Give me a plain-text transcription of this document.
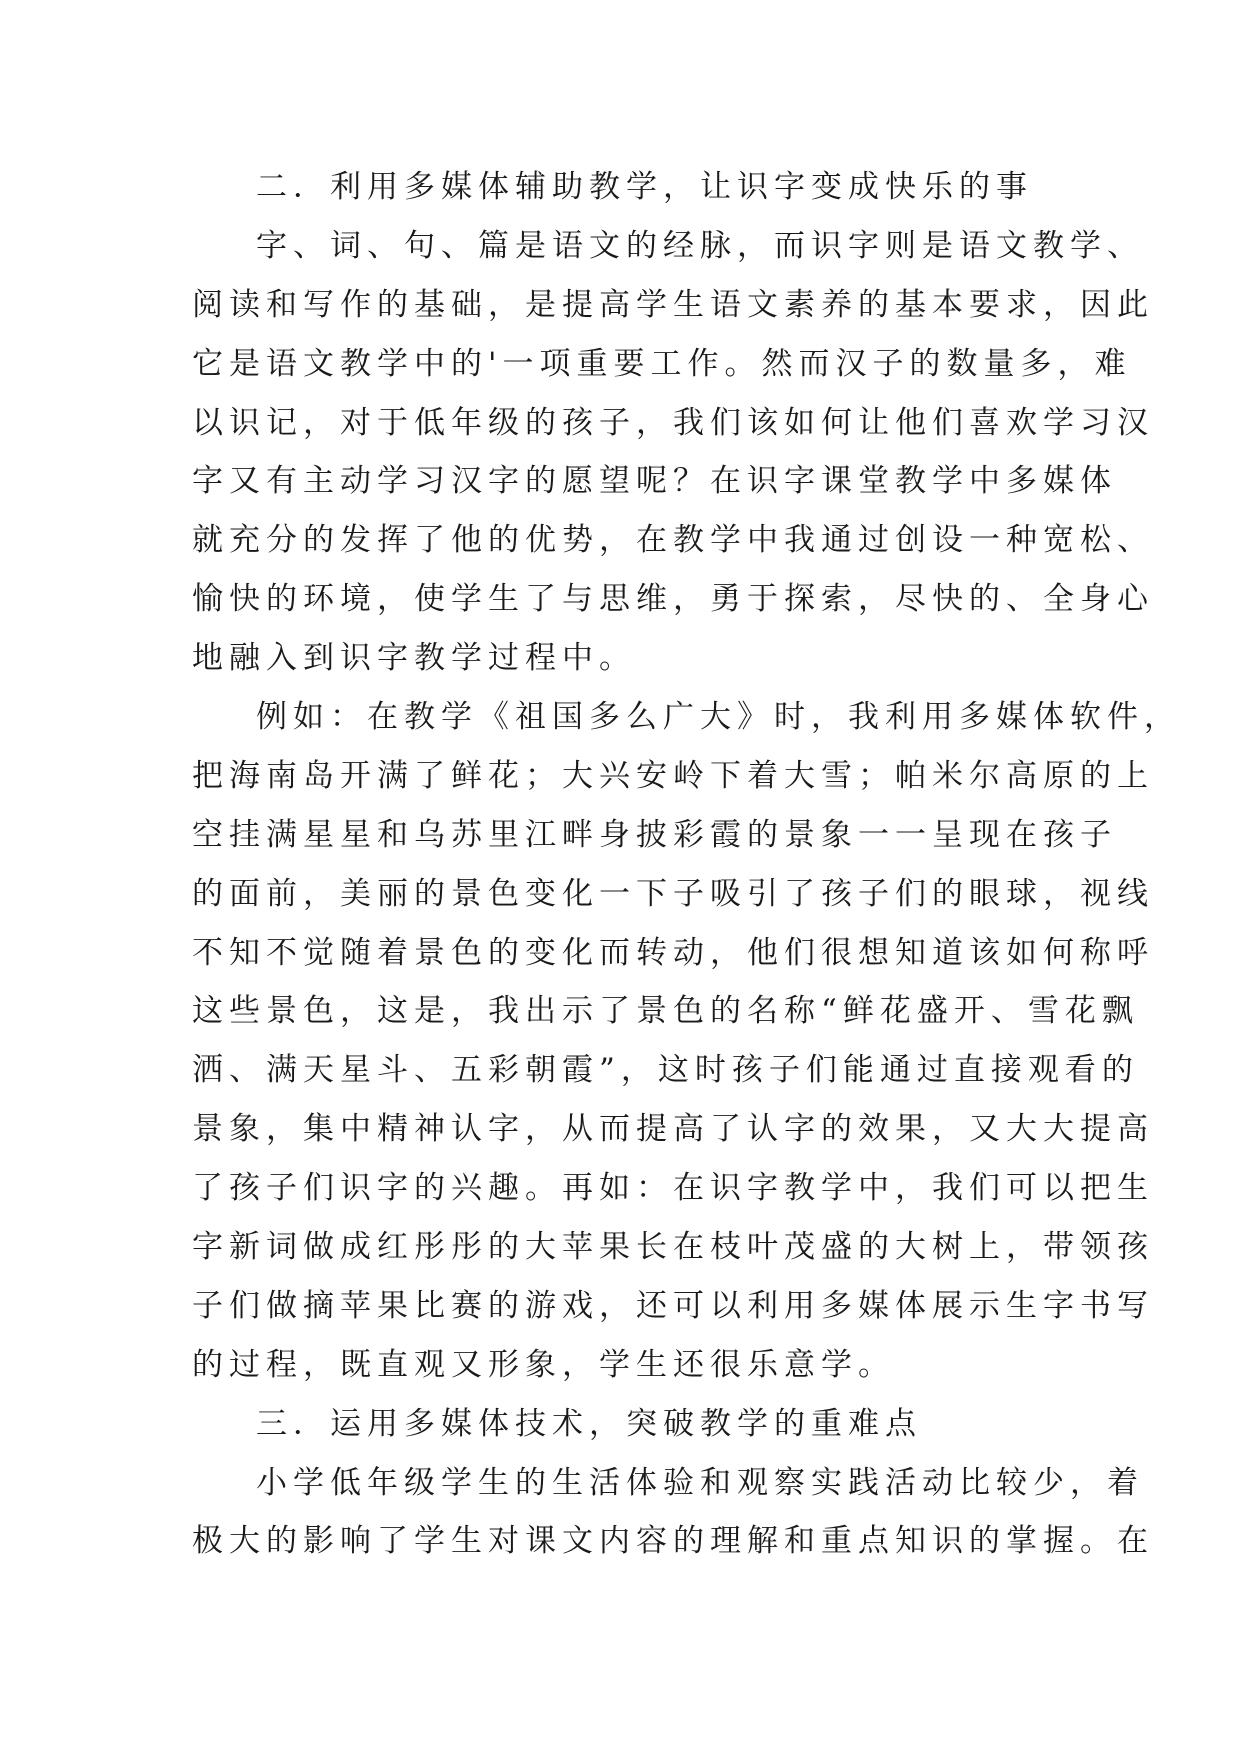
二．利用多媒体辅助教学，让识字变成快乐的事
字、词、句、篇是语文的经脉，而识字则是语文教学、
阅读和写作的基础，是提高学生语文素养的基本要求，因此
它是语文教学中的'一项重要工作。然而汉子的数量多，难
以识记，对于低年级的孩子，我们该如何让他们喜欢学习汉
字又有主动学习汉字的愿望呢？在识字课堂教学中多媒体
就充分的发挥了他的优势，在教学中我通过创设一种宽松、
愉快的环境，使学生了与思维，勇于探索，尽快的、全身心
地融入到识字教学过程中。
例如：在教学《祖国多么广大》时，我利用多媒体软件，
把海南岛开满了鲜花；大兴安岭下着大雪；帕米尔高原的上
空挂满星星和乌苏里江畔身披彩霞的景象一一呈现在孩子
的面前，美丽的景色变化一下子吸引了孩子们的眼球，视线
不知不觉随着景色的变化而转动，他们很想知道该如何称呼
这些景色，这是，我出示了景色的名称“鲜花盛开、雪花飘
洒、满天星斗、五彩朝霞”，这时孩子们能通过直接观看的
景象，集中精神认字，从而提高了认字的效果，又大大提高
了孩子们识字的兴趣。再如：在识字教学中，我们可以把生
字新词做成红彤彤的大苹果长在枝叶茂盛的大树上，带领孩
子们做摘苹果比赛的游戏，还可以利用多媒体展示生字书写
的过程，既直观又形象，学生还很乐意学。
三．运用多媒体技术，突破教学的重难点
小学低年级学生的生活体验和观察实践活动比较少，着
极大的影响了学生对课文内容的理解和重点知识的掌握。在
